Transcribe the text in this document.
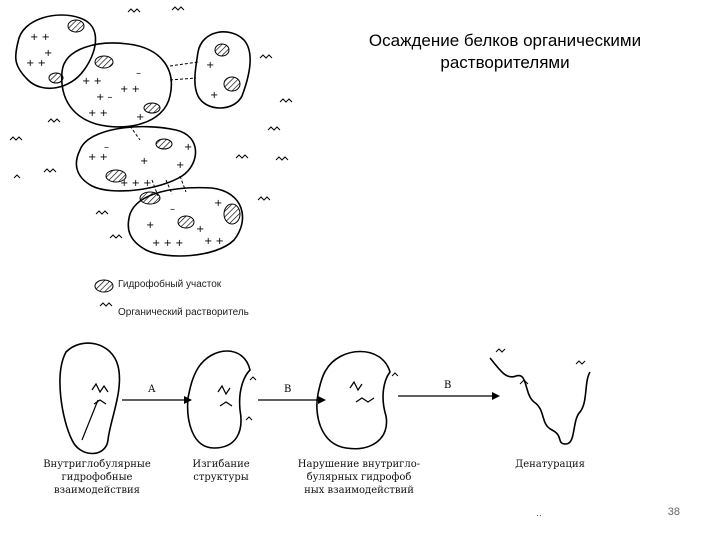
Осаждение белков органическими
растворителями
+ +
+
+ +
+ +
+ –
+ +
–
+ +	+
+
+
+ +
–
+
+ + +
+
+
+
–
+
+ + + + +
+
Гидрофобный участок
Органический растворитель
А	В	В
Внутриглобулярные
гидрофобные
взаимодействия
Изгибание
структуры
Нарушение внутригло-
булярных гидрофоб
ных взаимодействий
Денатурация
··	38
